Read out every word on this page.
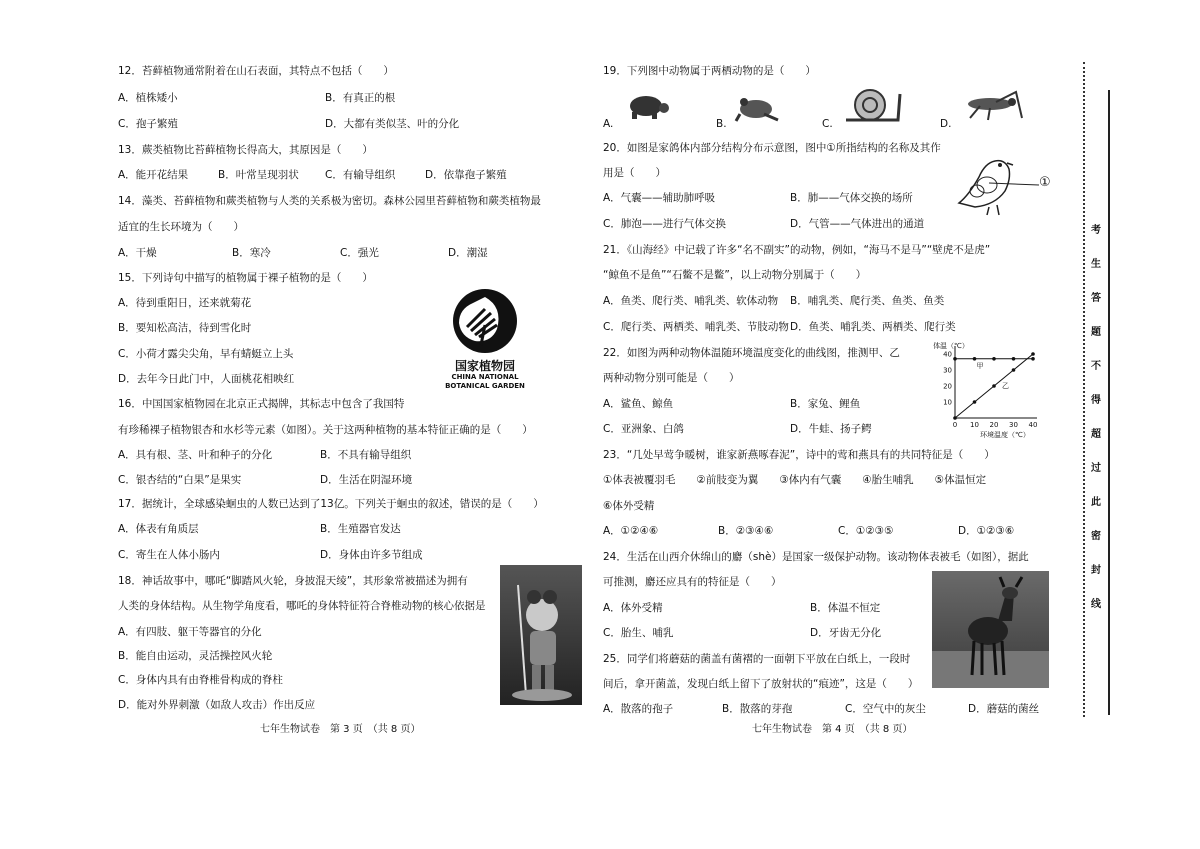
12．苔藓植物通常附着在山石表面，其特点不包括（　　）
A．植株矮小	B．有真正的根
C．孢子繁殖	D．大都有类似茎、叶的分化
13．蕨类植物比苔藓植物长得高大，其原因是（　　）
A．能开花结果	B．叶常呈现羽状	C．有输导组织	D．依靠孢子繁殖
14．藻类、苔藓植物和蕨类植物与人类的关系极为密切。森林公园里苔藓植物和蕨类植物最
适宜的生长环境为（　　）
A．干燥	B．寒冷	C．强光	D．潮湿
15．下列诗句中描写的植物属于裸子植物的是（　　）
A．待到重阳日，还来就菊花
B．要知松高洁，待到雪化时
C．小荷才露尖尖角，早有蜻蜓立上头
D．去年今日此门中，人面桃花相映红
国家植物园
CHINA NATIONAL
BOTANICAL GARDEN
16．中国国家植物园在北京正式揭牌，其标志中包含了我国特
有珍稀裸子植物银杏和水杉等元素（如图）。关于这两种植物的基本特征正确的是（　　）
A．具有根、茎、叶和种子的分化	B．不具有输导组织
C．银杏结的“白果”是果实	D．生活在阴湿环境
17．据统计，全球感染蛔虫的人数已达到了13亿。下列关于蛔虫的叙述，错误的是（　　）
A．体表有角质层	B．生殖器官发达
C．寄生在人体小肠内	D．身体由许多节组成
18．神话故事中，哪吒“脚踏风火轮，身披混天绫”，其形象常被描述为拥有
人类的身体结构。从生物学角度看，哪吒的身体特征符合脊椎动物的核心依据是
A．有四肢、躯干等器官的分化
B．能自由运动，灵活操控风火轮
C．身体内具有由脊椎骨构成的脊柱
D．能对外界刺激（如敌人攻击）作出反应
七年生物试卷　第 3 页　（共 8 页）
19．下列图中动物属于两栖动物的是（　　）
A.	B.	C.	D.
20．如图是家鸽体内部分结构分布示意图，图中①所指结构的名称及其作
用是（　　）
A．气囊——辅助肺呼吸	B．肺——气体交换的场所
C．肺泡——进行气体交换	D．气管——气体进出的通道
①
21．《山海经》中记载了许多“名不副实”的动物，例如，“海马不是马”“壁虎不是虎”
“鲸鱼不是鱼”“石鳖不是鳖”，以上动物分别属于（　　）
A．鱼类、爬行类、哺乳类、软体动物 B．哺乳类、爬行类、鱼类、鱼类
C．爬行类、两栖类、哺乳类、节肢动物 D．鱼类、哺乳类、两栖类、爬行类
22．如图为两种动物体温随环境温度变化的曲线图，推测甲、乙
两种动物分别可能是（　　）
A．鲨鱼、鲸鱼	B．家兔、鲤鱼
C．亚洲象、白鸽	D．牛蛙、扬子鳄	0 10 20 30 40
10
20
30
40
甲
乙
体温（℃）
环境温度（℃）
23．“几处早莺争暖树，谁家新燕啄春泥”，诗中的莺和燕具有的共同特征是（　　）
①体表被覆羽毛　　②前肢变为翼　　③体内有气囊　　④胎生哺乳　　⑤体温恒定
⑥体外受精
A．①②④⑥	B．②③④⑥	C．①②③⑤	D．①②③⑥
24．生活在山西介休绵山的麝（shè）是国家一级保护动物。该动物体表被毛（如图），据此
可推测，麝还应具有的特征是（　　）
A．体外受精	B．体温不恒定
C．胎生、哺乳	D．牙齿无分化
25．同学们将蘑菇的菌盖有菌褶的一面朝下平放在白纸上，一段时
间后，拿开菌盖，发现白纸上留下了放射状的“痕迹”，这是（　　）
A．散落的孢子	B．散落的芽孢	C．空气中的灰尘	D．蘑菇的菌丝
七年生物试卷　第 4 页　（共 8 页）
考
生
答
题
不
得
超
过
此
密
封
线
